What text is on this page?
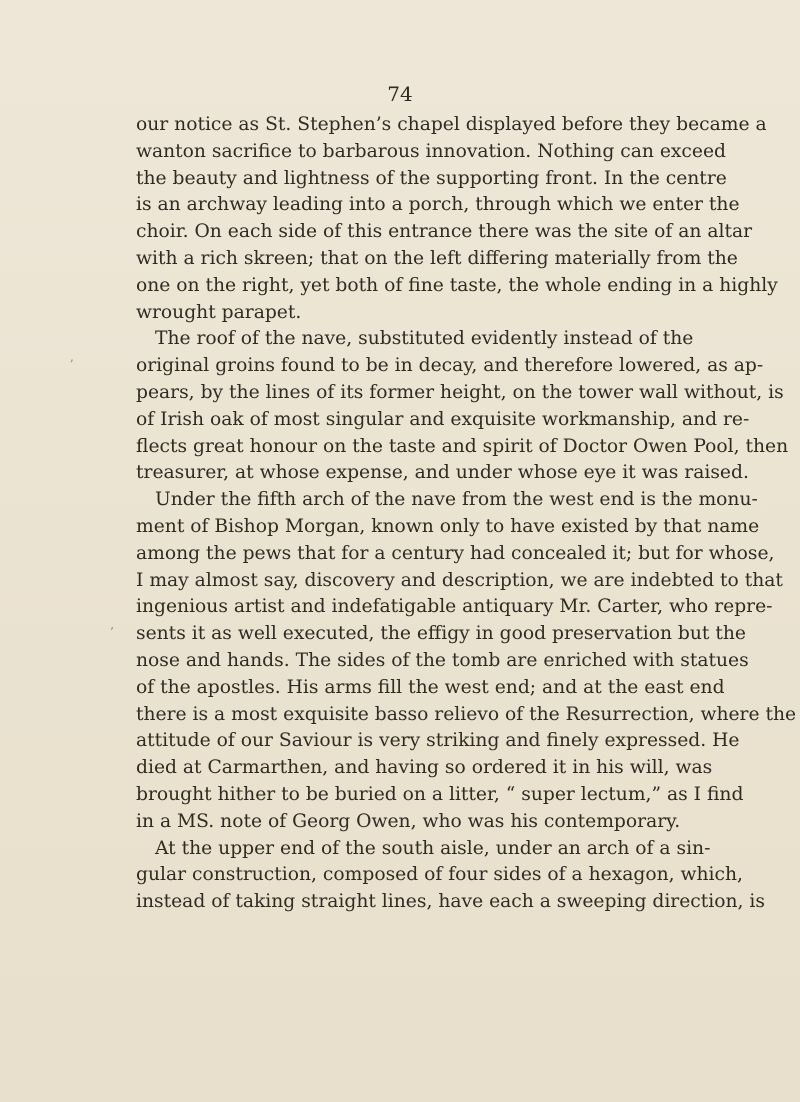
74

our notice as St. Stephen’s chapel displayed before they became a
wanton sacrifice to barbarous innovation. Nothing can exceed
the beauty and lightness of the supporting front. In the centre
is an archway leading into a porch, through which we enter the
choir. On each side of this entrance there was the site of an altar
with a rich skreen; that on the left differing materially from the
one on the right, yet both of fine taste, the whole ending in a highly
wrought parapet.

The roof of the nave, substituted evidently instead of the
original groins found to be in decay, and therefore lowered, as ap-
pears, by the lines of its former height, on the tower wall without, is
of Irish oak of most singular and exquisite workmanship, and re-
flects great honour on the taste and spirit of Doctor Owen Pool, then
treasurer, at whose expense, and under whose eye it was raised.

Under the fifth arch of the nave from the west end is the monu-
ment of Bishop Morgan, known only to have existed by that name
among the pews that for a century had concealed it; but for whose,
I may almost say, discovery and description, we are indebted to that
ingenious artist and indefatigable antiquary Mr. Carter, who repre-
sents it as well executed, the effigy in good preservation but the
nose and hands. The sides of the tomb are enriched with statues
of the apostles. His arms fill the west end; and at the east end
there is a most exquisite basso relievo of the Resurrection, where the
attitude of our Saviour is very striking and finely expressed. He
died at Carmarthen, and having so ordered it in his will, was
brought hither to be buried on a litter, “ super lectum,” as I find
in a MS. note of Georg Owen, who was his contemporary.

At the upper end of the south aisle, under an arch of a sin-
gular construction, composed of four sides of a hexagon, which,
instead of taking straight lines, have each a sweeping direction, is

,
’
